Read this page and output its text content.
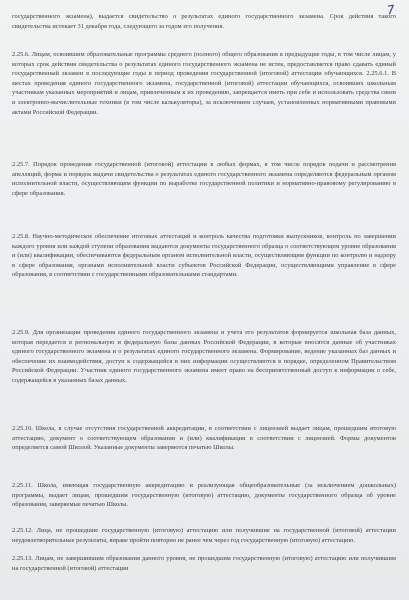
7

государственного экзамена), выдается свидетельство о результатах единого государственного экзамена. Срок действия такого свидетельства истекает 31 декабря года, следующего за годом его получения.

2.25.6. Лицам, освоившим образовательные программы среднего (полного) общего образования в предыдущие годы, в том числе лицам, у которых срок действия свидетельства о результатах единого государственного экзамена не истек, предоставляется право сдавать единый государственный экзамен в последующие годы в период проведения государственной (итоговой) аттестации обучающихся. 2.25.6.1. В местах проведения единого государственного экзамена, государственной (итоговой) аттестации обучающихся, освоивших школьным участникам указанных мероприятий и лицам, привлеченным к их проведению, запрещается иметь при себе и использовать средства связи и электронно-вычислительные техники (в том числе калькуляторы), за исключением случаев, установленных нормативными правовыми актами Российской Федерации.

2.25.7. Порядок проведения государственной (итоговой) аттестации в любых формах, в том числе порядок подачи и рассмотрения апелляций, форма и порядок выдачи свидетельства о результатах единого государственного экзамена определяются федеральным органом исполнительной власти, осуществляющим функции по выработке государственной политики и нормативно-правовому регулированию в сфере образования.

2.25.8. Научно-методическое обеспечение итоговых аттестаций и контроль качества подготовки выпускников, контроль по завершении каждого уровня или каждой ступени образования выдаются документы государственного образца о соответствующем уровне образования и (или) квалификации, обеспечиваются федеральным органом исполнительной власти, осуществляющим функции по контролю и надзору в сфере образования, органами исполнительной власти субъектов Российской Федерации, осуществляющими управление в сфере образования, в соответствии с государственными образовательными стандартами.

2.25.9. Для организации проведения единого государственного экзамена и учета его результатов формируется школьная база данных, которая передается в региональную и федеральную базы данных Российской Федерации, в которые вносятся данные об участниках единого государственного экзамена и о результатах единого государственного экзамена. Формирование, ведение указанных баз данных и обеспечение их взаимодействия, доступ к содержащейся в них информации осуществляются в порядке, определенном Правительством Российской Федерации. Участник единого государственного экзамена имеет право на бесприпятственный доступ к информации о себе, содержащейся в указанных базах данных.

2.25.10. Школа, в случае отсутствия государственной аккредитации, в соответствии с лицензией выдает лицам, прошедшим итоговую аттестацию, документ о соответствующем образовании и (или) квалификации в соответствии с лицензией. Формы документов определяется самой Школой. Указанные документы заверяются печатью Школы.

2.25.11. Школа, имеющая государственную аккредитацию и реализующая общеобразовательные (за исключением дошкольных) программы, выдает лицам, прошедшим государственную (итоговую) аттестацию, документы государственного образца об уровне образования, заверяемые печатью Школы.

2.25.12. Лица, не прошедшие государственную (итоговую) аттестацию или получившие на государственной (итоговой) аттестации неудовлетворительные результаты, вправе пройти повторно не ранее чем через год государственную (итоговую) аттестацию.

2.25.13. Лицам, не завершившим образования данного уровня, не прошедшим государственную (итоговую) аттестацию или получившим на государственной (итоговой) аттестации
